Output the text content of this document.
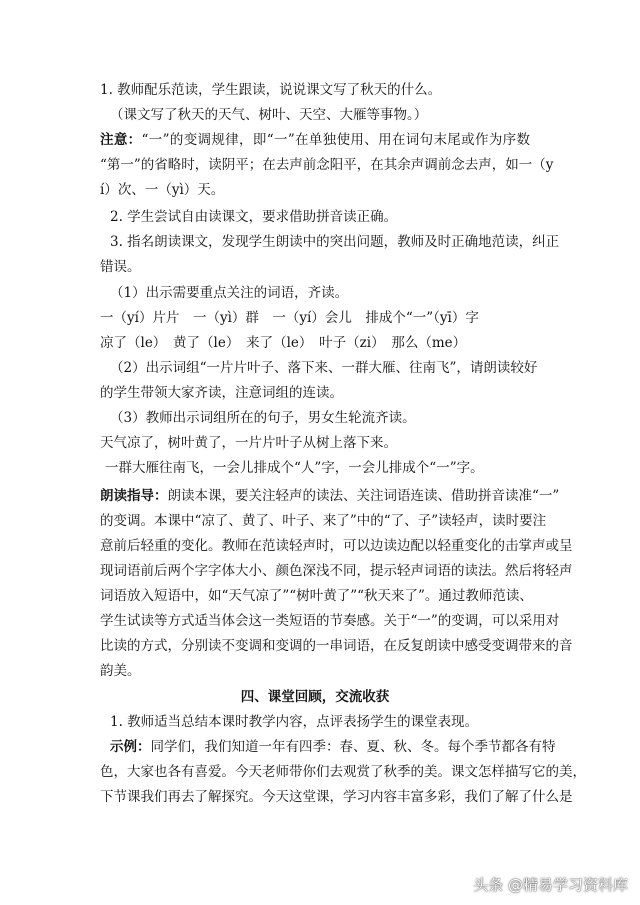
1. 教师配乐范读，学生跟读，说说课文写了秋天的什么。
（课文写了秋天的天气、树叶、天空、大雁等事物。）
注意：“一”的变调规律，即“一”在单独使用、用在词句末尾或作为序数
“第一”的省略时，读阴平；在去声前念阳平，在其余声调前念去声，如一（y
í）次、一（yì）天。
2. 学生尝试自由读课文，要求借助拼音读正确。
3. 指名朗读课文，发现学生朗读中的突出问题，教师及时正确地范读，纠正
错误。
（1）出示需要重点关注的词语，齐读。
一（yí）片片　一（yì）群　一（yí）会儿　排成个“一”（yī）字
凉了（le）　黄了（le）　来了（le）　叶子（zi）　那么（me）
（2）出示词组“一片片叶子、落下来、一群大雁、往南飞”，请朗读较好
的学生带领大家齐读，注意词组的连读。
（3）教师出示词组所在的句子，男女生轮流齐读。
天气凉了，树叶黄了，一片片叶子从树上落下来。
一群大雁往南飞，一会儿排成个“人”字，一会儿排成个“一”字。
朗读指导：朗读本课，要关注轻声的读法、关注词语连读、借助拼音读准“一”
的变调。本课中“凉了、黄了、叶子、来了”中的“了、子”读轻声，读时要注
意前后轻重的变化。教师在范读轻声时，可以边读边配以轻重变化的击掌声或呈
现词语前后两个字字体大小、颜色深浅不同，提示轻声词语的读法。然后将轻声
词语放入短语中，如“天气凉了”“树叶黄了”“秋天来了”。通过教师范读、
学生试读等方式适当体会这一类短语的节奏感。关于“一”的变调，可以采用对
比读的方式，分别读不变调和变调的一串词语，在反复朗读中感受变调带来的音
韵美。
四、课堂回顾，交流收获
1. 教师适当总结本课时教学内容，点评表扬学生的课堂表现。
示例：同学们，我们知道一年有四季：春、夏、秋、冬。每个季节都各有特
色，大家也各有喜爱。今天老师带你们去观赏了秋季的美。课文怎样描写它的美，
下节课我们再去了解探究。今天这堂课，学习内容丰富多彩，我们了解了什么是
头条 @精易学习资料库
